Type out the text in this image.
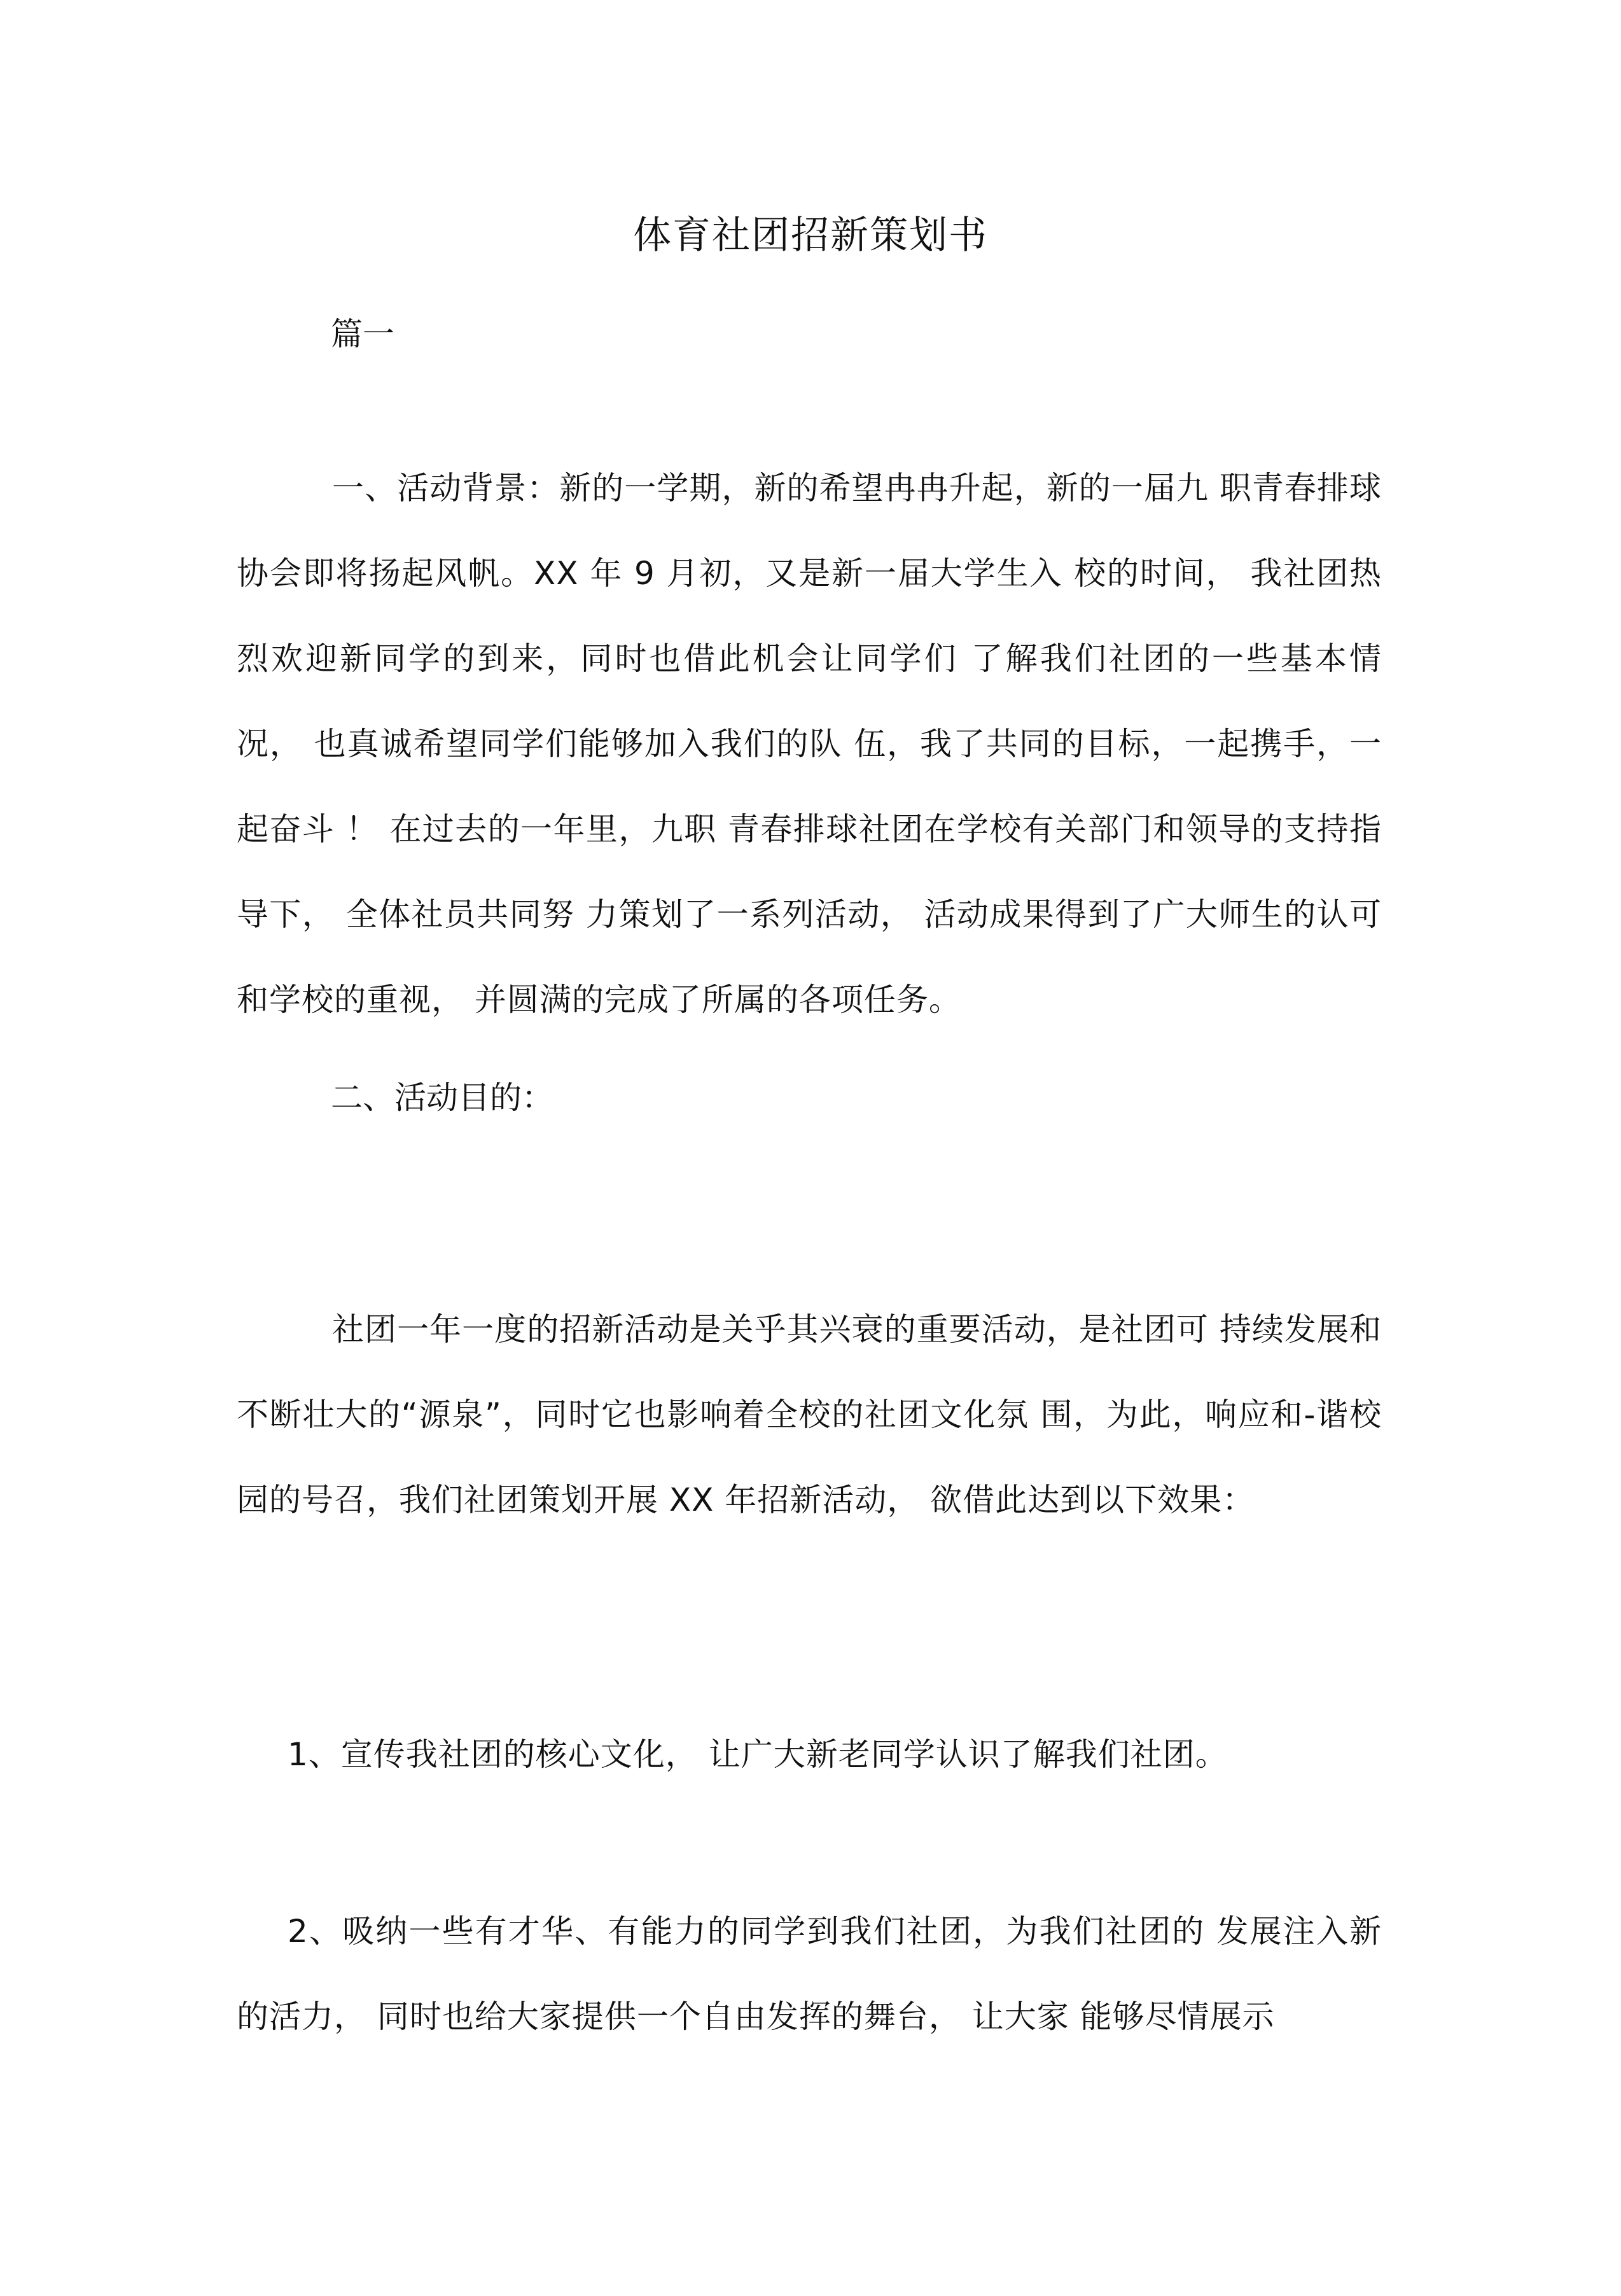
体育社团招新策划书
篇一
一、活动背景：新的一学期，新的希望冉冉升起，新的一届九 职青春排球协会即将扬起风帆。XX 年 9 月初，又是新一届大学生入 校的时间， 我社团热烈欢迎新同学的到来，同时也借此机会让同学们 了解我们社团的一些基本情况， 也真诚希望同学们能够加入我们的队 伍，我了共同的目标，一起携手，一起奋斗 ！ 在过去的一年里，九职 青春排球社团在学校有关部门和领导的支持指导下， 全体社员共同努 力策划了一系列活动， 活动成果得到了广大师生的认可和学校的重视， 并圆满的完成了所属的各项任务。
二、活动目的：
社团一年一度的招新活动是关乎其兴衰的重要活动，是社团可 持续发展和不断壮大的“源泉”，同时它也影响着全校的社团文化氛 围，为此，响应和-谐校园的号召，我们社团策划开展 XX 年招新活动， 欲借此达到以下效果：
1、宣传我社团的核心文化， 让广大新老同学认识了解我们社团。
2、吸纳一些有才华、有能力的同学到我们社团，为我们社团的 发展注入新的活力， 同时也给大家提供一个自由发挥的舞台， 让大家 能够尽情展示
